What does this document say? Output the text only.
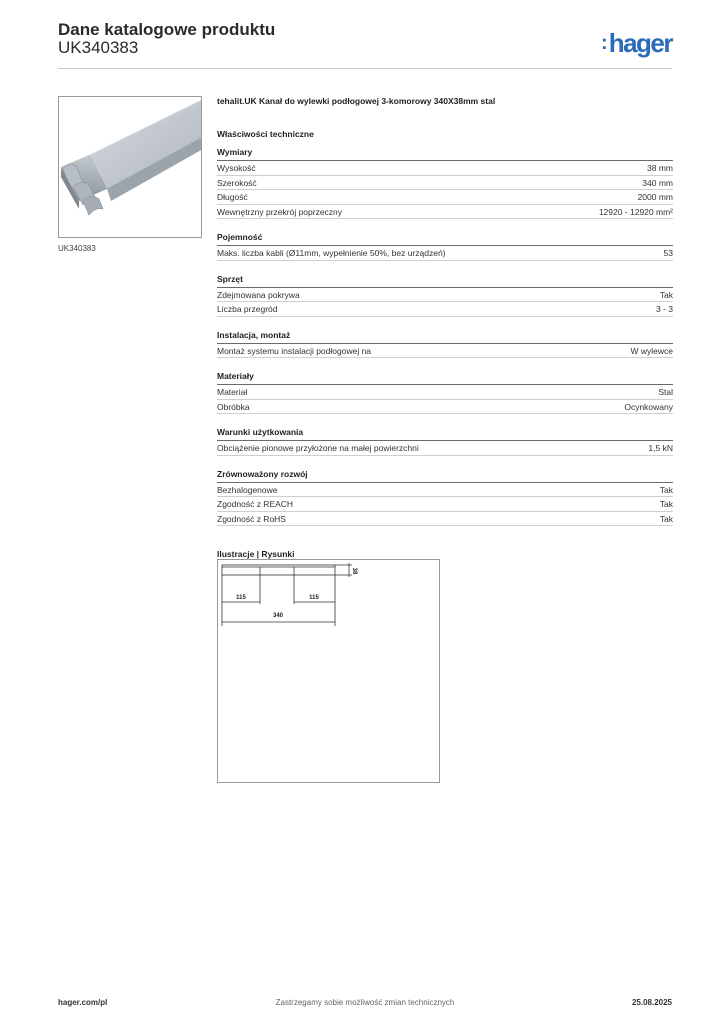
Dane katalogowe produktu
UK340383	:hager
UK340383
tehalit.UK Kanał do wylewki podłogowej 3-komorowy 340X38mm stal
Właściwości techniczne
Wymiary
Wysokość	38 mm
Szerokość	340 mm
Długość	2000 mm
Wewnętrzny przekrój poprzeczny	12920 - 12920 mm²
Pojemność
Maks. liczba kabli (Ø11mm, wypełnienie 50%, bez urządzeń)	53
Sprzęt
Zdejmowana pokrywa	Tak
Liczba przegród	3 - 3
Instalacja, montaż
Montaż systemu instalacji podłogowej na	W wylewce
Materiały
Materiał	Stal
Obróbka	Ocynkowany
Warunki użytkowania
Obciążenie pionowe przyłożone na małej powierzchni	1,5 kN
Zrównoważony rozwój
Bezhalogenowe	Tak
Zgodność z REACH	Tak
Zgodność z RoHS	Tak
Ilustracje | Rysunki
38
115	115
340
Zastrzegamy sobie możliwość zmian technicznych
hager.com/pl	25.08.2025
